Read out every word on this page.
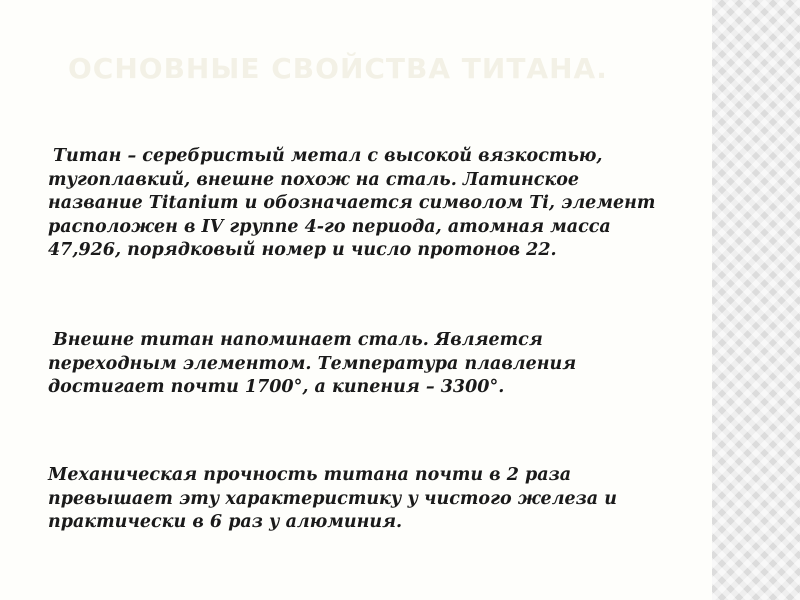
ОСНОВНЫЕ СВОЙСТВА ТИТАНА.

Титан – серебристый метал с высокой вязкостью, тугоплавкий, внешне похож на сталь. Латинское название Titanium и обозначается символом Ti, элемент расположен в IV группе 4-го периода, атомная масса 47,926, порядковый номер и число протонов 22.

Внешне титан напоминает сталь. Является переходным элементом. Температура плавления достигает почти 1700°, а кипения – 3300°.

Механическая прочность титана почти в 2 раза превышает эту характеристику у чистого железа и практически в 6 раз у алюминия.
